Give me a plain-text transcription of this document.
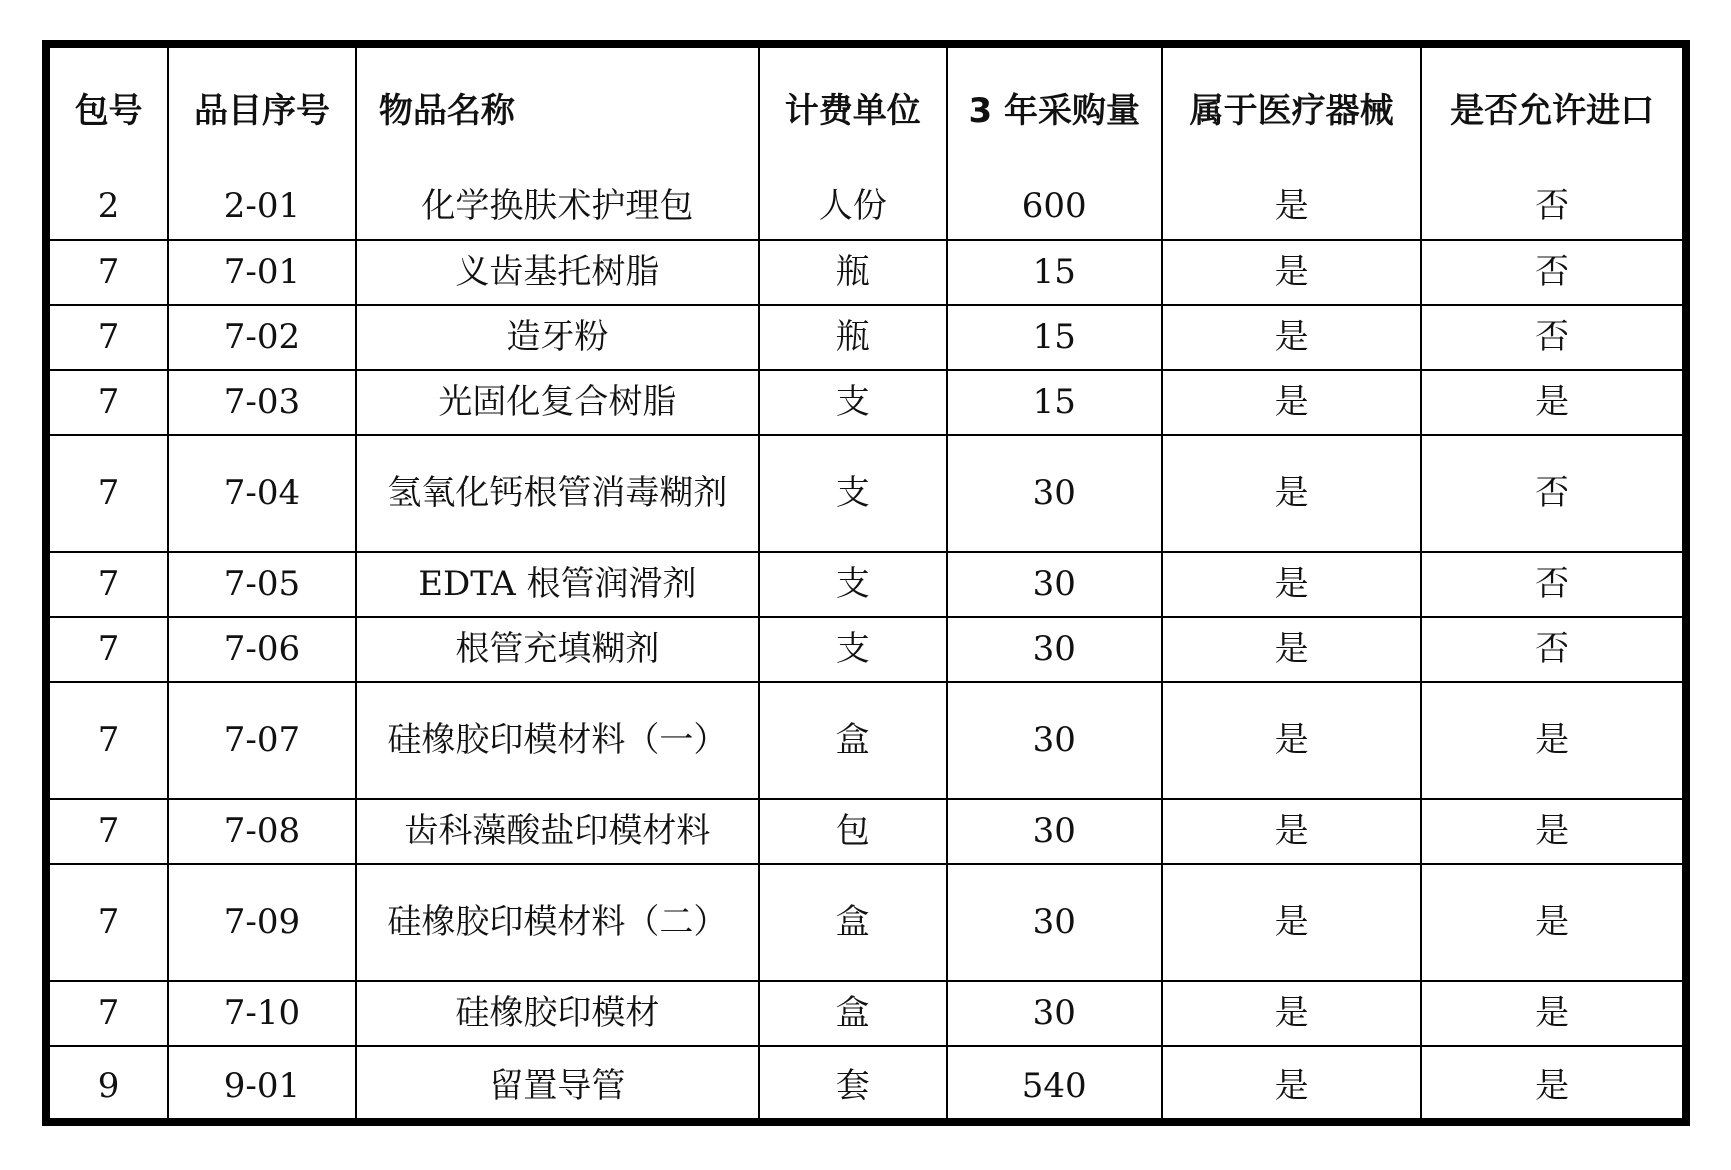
包号	品目序号	物品名称	计费单位	3 年采购量	属于医疗器械	是否允许进口
2	2-01	化学换肤术护理包	人份	600	是	否
7	7-01	义齿基托树脂	瓶	15	是	否
7	7-02	造牙粉	瓶	15	是	否
7	7-03	光固化复合树脂	支	15	是	是
7	7-04	氢氧化钙根管消毒糊剂	支	30	是	否
7	7-05	EDTA 根管润滑剂	支	30	是	否
7	7-06	根管充填糊剂	支	30	是	否
7	7-07	硅橡胶印模材料（一）	盒	30	是	是
7	7-08	齿科藻酸盐印模材料	包	30	是	是
7	7-09	硅橡胶印模材料（二）	盒	30	是	是
7	7-10	硅橡胶印模材	盒	30	是	是
9	9-01	留置导管	套	540	是	是
